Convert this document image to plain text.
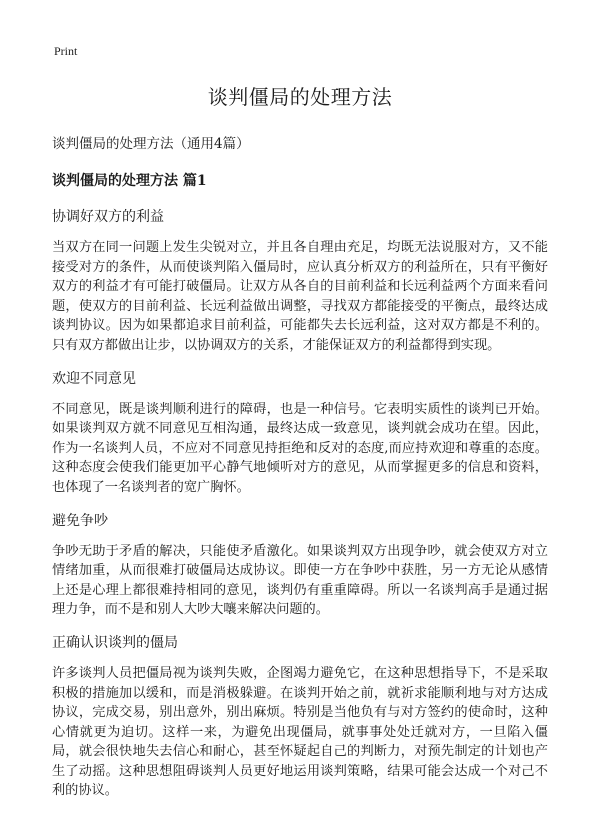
Print
谈判僵局的处理方法
谈判僵局的处理方法（通用4篇）
谈判僵局的处理方法 篇1
协调好双方的利益

当双方在同一问题上发生尖锐对立，并且各自理由充足，均既无法说服对方，又不能接受对方的条件，从而使谈判陷入僵局时，应认真分析双方的利益所在，只有平衡好双方的利益才有可能打破僵局。让双方从各自的目前利益和长远利益两个方面来看问题，使双方的目前利益、长远利益做出调整，寻找双方都能接受的平衡点，最终达成谈判协议。因为如果都追求目前利益，可能都失去长远利益，这对双方都是不利的。只有双方都做出让步，以协调双方的关系，才能保证双方的利益都得到实现。

欢迎不同意见

不同意见，既是谈判顺利进行的障碍，也是一种信号。它表明实质性的谈判已开始。如果谈判双方就不同意见互相沟通，最终达成一致意见，谈判就会成功在望。因此，作为一名谈判人员，不应对不同意见持拒绝和反对的态度,而应持欢迎和尊重的态度。这种态度会使我们能更加平心静气地倾听对方的意见，从而掌握更多的信息和资料，也体现了一名谈判者的宽广胸怀。

避免争吵

争吵无助于矛盾的解决，只能使矛盾激化。如果谈判双方出现争吵，就会使双方对立情绪加重，从而很难打破僵局达成协议。即使一方在争吵中获胜，另一方无论从感情上还是心理上都很难持相同的意见，谈判仍有重重障碍。所以一名谈判高手是通过据理力争，而不是和别人大吵大嚷来解决问题的。

正确认识谈判的僵局

许多谈判人员把僵局视为谈判失败，企图竭力避免它，在这种思想指导下，不是采取积极的措施加以缓和，而是消极躲避。在谈判开始之前，就祈求能顺利地与对方达成协议，完成交易，别出意外，别出麻烦。特别是当他负有与对方签约的使命时，这种心情就更为迫切。这样一来，为避免出现僵局，就事事处处迁就对方，一旦陷入僵局，就会很快地失去信心和耐心，甚至怀疑起自己的判断力，对预先制定的计划也产生了动摇。这种思想阻碍谈判人员更好地运用谈判策略，结果可能会达成一个对己不利的协议。
